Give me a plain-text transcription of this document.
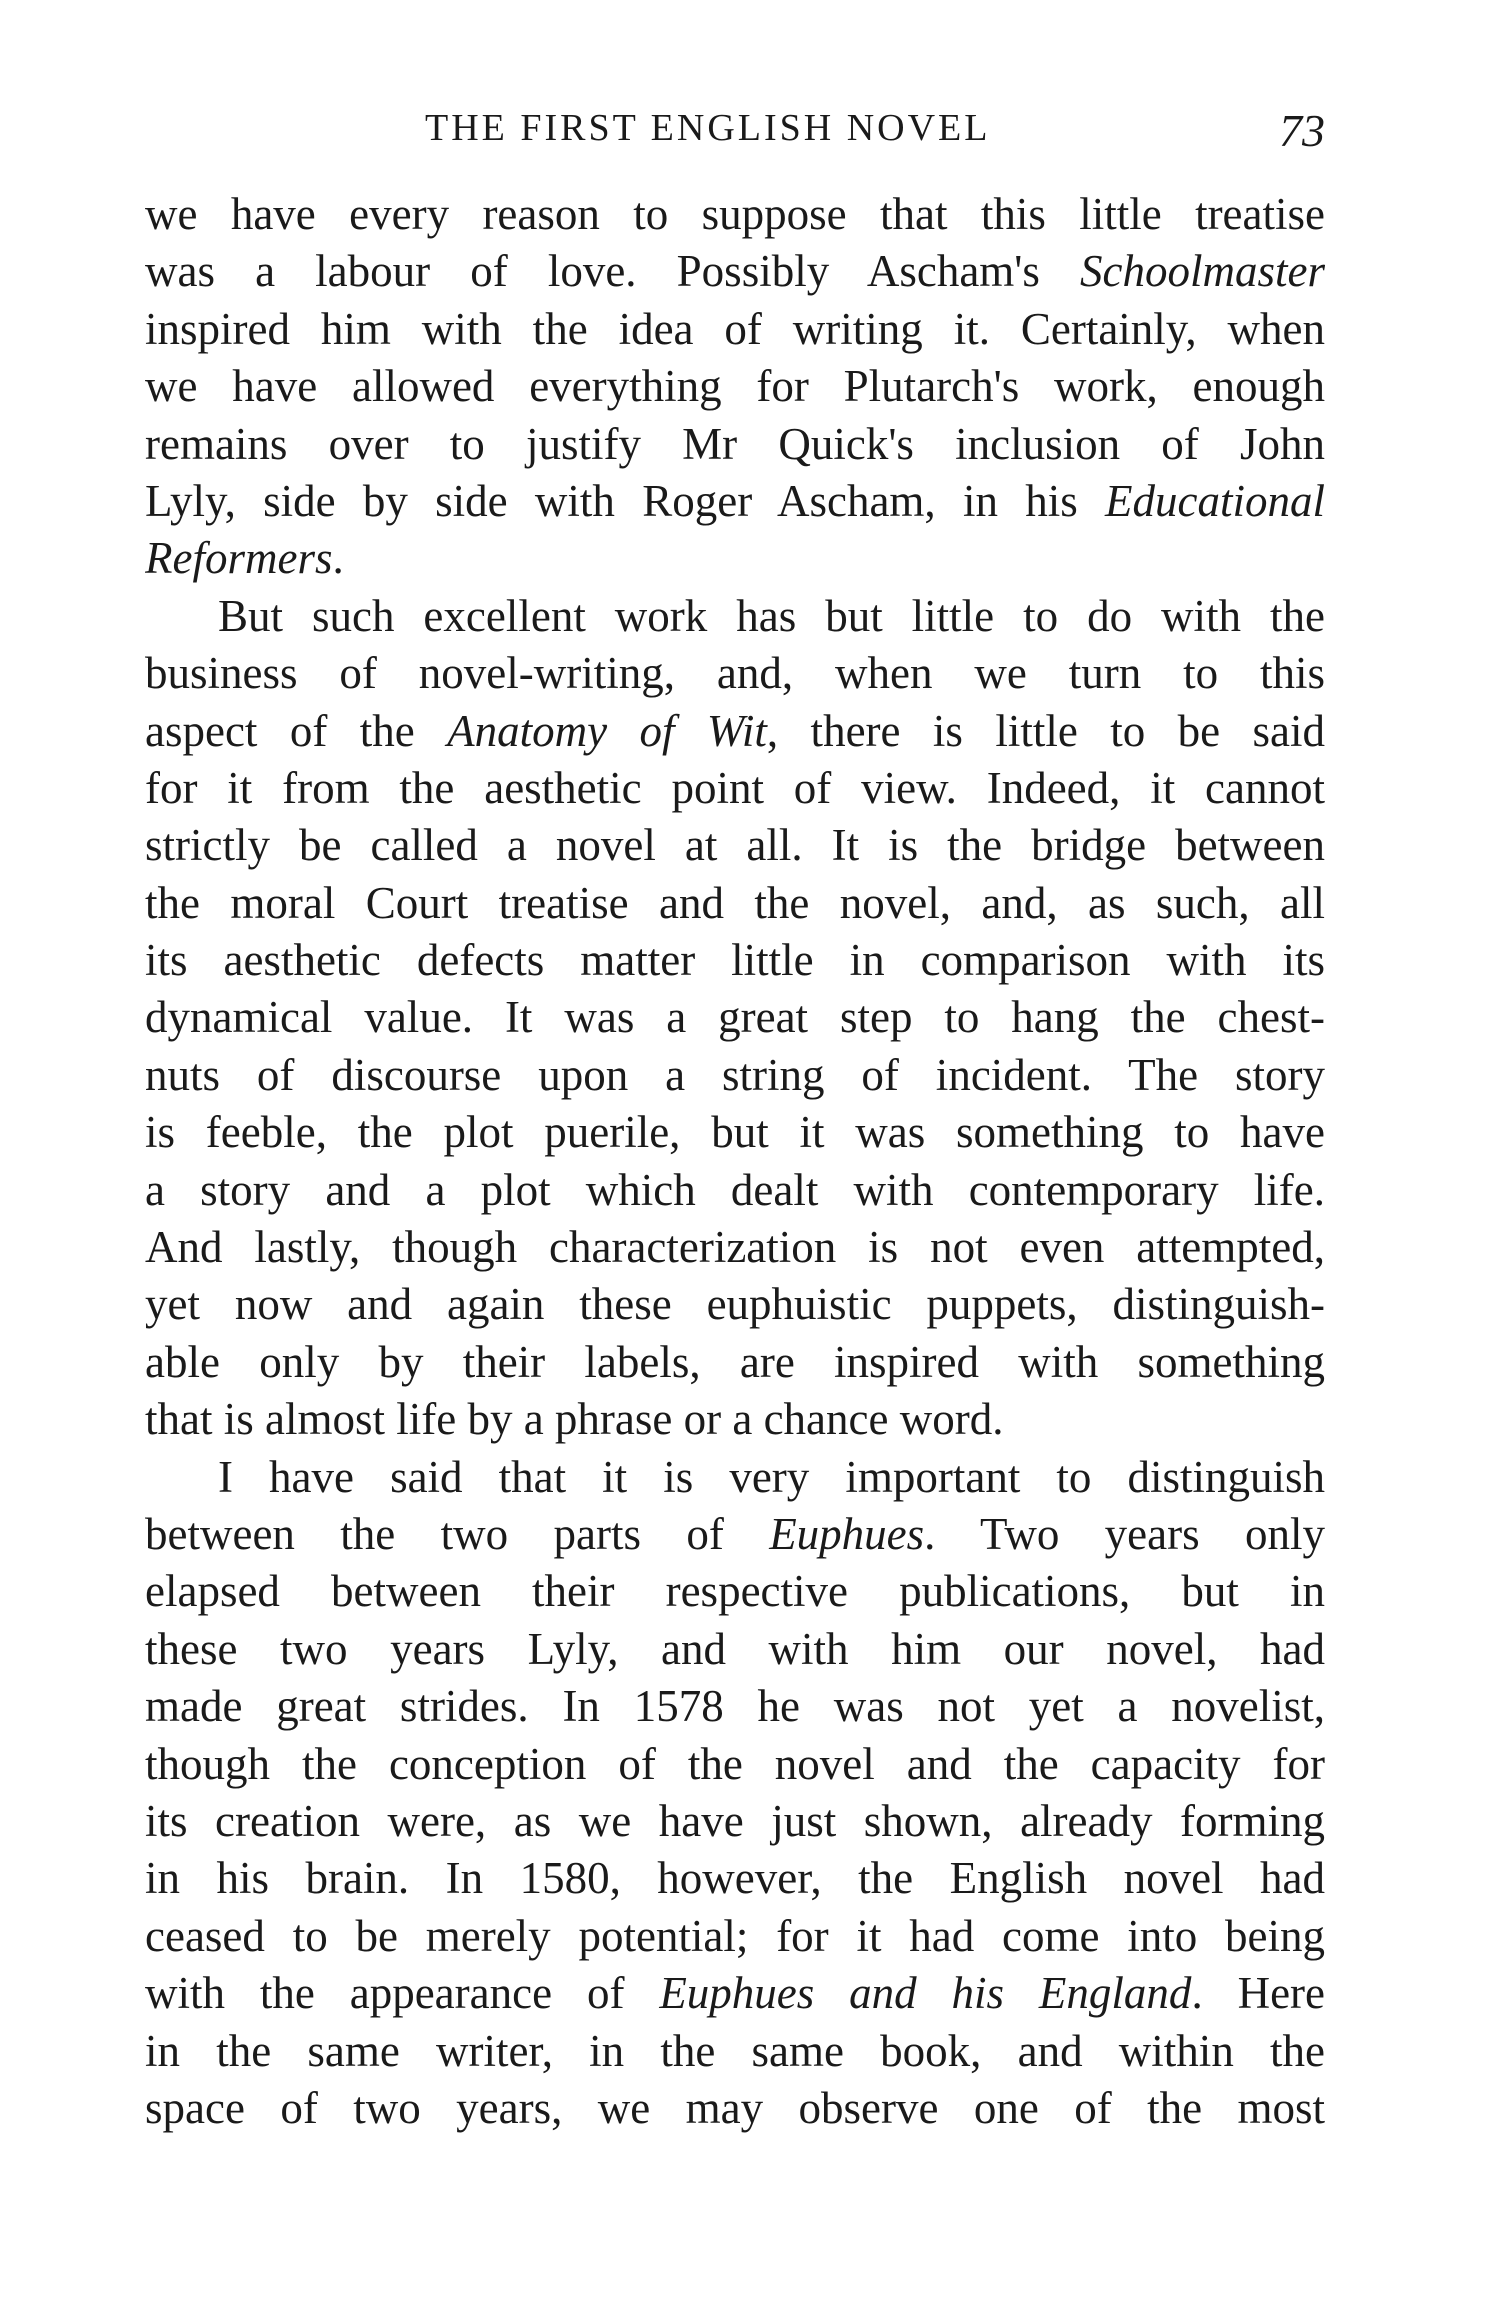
THE FIRST ENGLISH NOVEL	73
we have every reason to suppose that this little treatise
was a labour of love. Possibly Ascham's Schoolmaster
inspired him with the idea of writing it. Certainly, when
we have allowed everything for Plutarch's work, enough
remains over to justify Mr Quick's inclusion of John
Lyly, side by side with Roger Ascham, in his Educational
Reformers.
But such excellent work has but little to do with the
business of novel-writing, and, when we turn to this
aspect of the Anatomy of Wit, there is little to be said
for it from the aesthetic point of view. Indeed, it cannot
strictly be called a novel at all. It is the bridge between
the moral Court treatise and the novel, and, as such, all
its aesthetic defects matter little in comparison with its
dynamical value. It was a great step to hang the chest-
nuts of discourse upon a string of incident. The story
is feeble, the plot puerile, but it was something to have
a story and a plot which dealt with contemporary life.
And lastly, though characterization is not even attempted,
yet now and again these euphuistic puppets, distinguish-
able only by their labels, are inspired with something
that is almost life by a phrase or a chance word.
I have said that it is very important to distinguish
between the two parts of Euphues. Two years only
elapsed between their respective publications, but in
these two years Lyly, and with him our novel, had
made great strides. In 1578 he was not yet a novelist,
though the conception of the novel and the capacity for
its creation were, as we have just shown, already forming
in his brain. In 1580, however, the English novel had
ceased to be merely potential; for it had come into being
with the appearance of Euphues and his England. Here
in the same writer, in the same book, and within the
space of two years, we may observe one of the most
